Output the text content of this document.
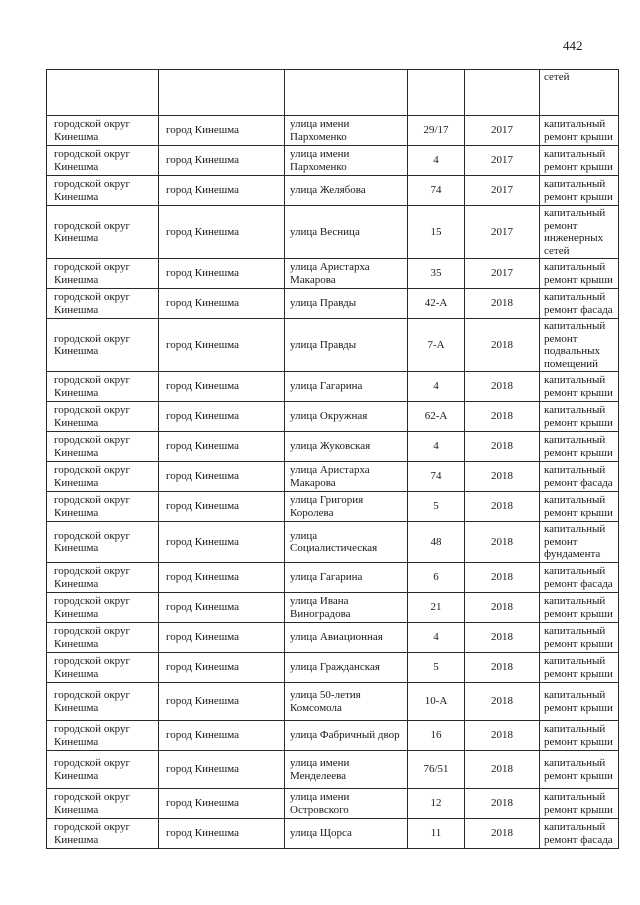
442
					сетей
городской округ Кинешма	город Кинешма	улица имени Пархоменко	29/17	2017	капитальный ремонт крыши
городской округ Кинешма	город Кинешма	улица имени Пархоменко	4	2017	капитальный ремонт крыши
городской округ Кинешма	город Кинешма	улица Желябова	74	2017	капитальный ремонт крыши
городской округ Кинешма	город Кинешма	улица Весница	15	2017	капитальный ремонт инженерных сетей
городской округ Кинешма	город Кинешма	улица Аристарха Макарова	35	2017	капитальный ремонт крыши
городской округ Кинешма	город Кинешма	улица Правды	42-А	2018	капитальный ремонт фасада
городской округ Кинешма	город Кинешма	улица Правды	7-А	2018	капитальный ремонт подвальных помещений
городской округ Кинешма	город Кинешма	улица Гагарина	4	2018	капитальный ремонт крыши
городской округ Кинешма	город Кинешма	улица Окружная	62-А	2018	капитальный ремонт крыши
городской округ Кинешма	город Кинешма	улица Жуковская	4	2018	капитальный ремонт крыши
городской округ Кинешма	город Кинешма	улица Аристарха Макарова	74	2018	капитальный ремонт фасада
городской округ Кинешма	город Кинешма	улица Григория Королева	5	2018	капитальный ремонт крыши
городской округ Кинешма	город Кинешма	улица Социалистическая	48	2018	капитальный ремонт фундамента
городской округ Кинешма	город Кинешма	улица Гагарина	6	2018	капитальный ремонт фасада
городской округ Кинешма	город Кинешма	улица Ивана Виноградова	21	2018	капитальный ремонт крыши
городской округ Кинешма	город Кинешма	улица Авиационная	4	2018	капитальный ремонт крыши
городской округ Кинешма	город Кинешма	улица Гражданская	5	2018	капитальный ремонт крыши
городской округ Кинешма	город Кинешма	улица 50-летия Комсомола	10-А	2018	капитальный ремонт крыши
городской округ Кинешма	город Кинешма	улица Фабричный двор	16	2018	капитальный ремонт крыши
городской округ Кинешма	город Кинешма	улица имени Менделеева	76/51	2018	капитальный ремонт крыши
городской округ Кинешма	город Кинешма	улица имени Островского	12	2018	капитальный ремонт крыши
городской округ Кинешма	город Кинешма	улица Щорса	11	2018	капитальный ремонт фасада
